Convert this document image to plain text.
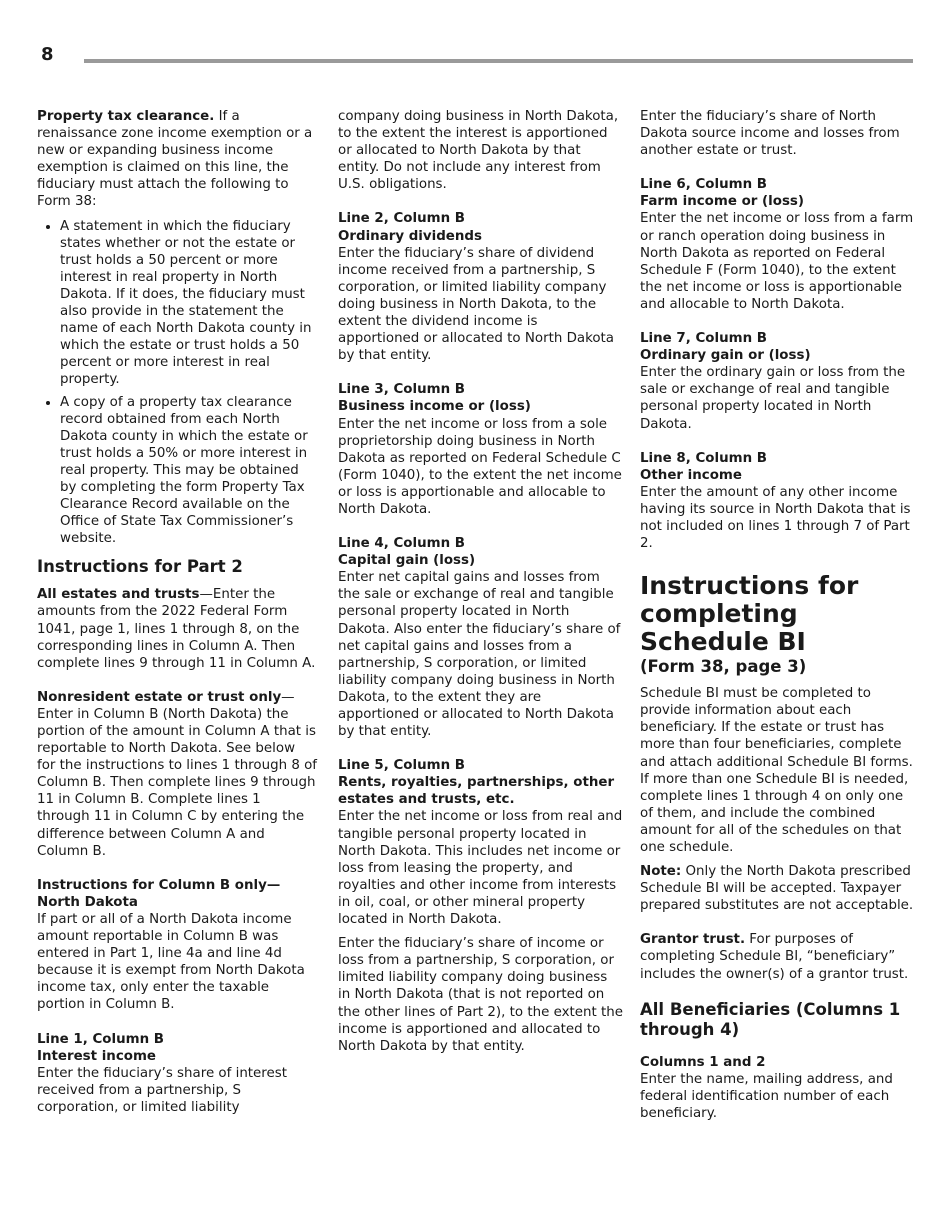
8

Property tax clearance. If a renaissance zone income exemption or a new or expanding business income exemption is claimed on this line, the fiduciary must attach the following to Form 38:

• A statement in which the fiduciary states whether or not the estate or trust holds a 50 percent or more interest in real property in North Dakota. If it does, the fiduciary must also provide in the statement the name of each North Dakota county in which the estate or trust holds a 50 percent or more interest in real property.
• A copy of a property tax clearance record obtained from each North Dakota county in which the estate or trust holds a 50% or more interest in real property. This may be obtained by completing the form Property Tax Clearance Record available on the Office of State Tax Commissioner’s website.
Instructions for Part 2

All estates and trusts—Enter the amounts from the 2022 Federal Form 1041, page 1, lines 1 through 8, on the corresponding lines in Column A. Then complete lines 9 through 11 in Column A.

Nonresident estate or trust only— Enter in Column B (North Dakota) the portion of the amount in Column A that is reportable to North Dakota. See below for the instructions to lines 1 through 8 of Column B. Then complete lines 9 through 11 in Column B. Complete lines 1 through 11 in Column C by entering the difference between Column A and Column B.

Instructions for Column B only—North Dakota
If part or all of a North Dakota income amount reportable in Column B was entered in Part 1, line 4a and line 4d because it is exempt from North Dakota income tax, only enter the taxable portion in Column B.
Line 1, Column B
Interest income
Enter the fiduciary’s share of interest received from a partnership, S corporation, or limited liability

company doing business in North Dakota, to the extent the interest is apportioned or allocated to North Dakota by that entity. Do not include any interest from U.S. obligations.

Line 2, Column B
Ordinary dividends
Enter the fiduciary’s share of dividend income received from a partnership, S corporation, or limited liability company doing business in North Dakota, to the extent the dividend income is apportioned or allocated to North Dakota by that entity.
Line 3, Column B
Business income or (loss)
Enter the net income or loss from a sole proprietorship doing business in North Dakota as reported on Federal Schedule C (Form 1040), to the extent the net income or loss is apportionable and allocable to North Dakota.
Line 4, Column B
Capital gain (loss)
Enter net capital gains and losses from the sale or exchange of real and tangible personal property located in North Dakota. Also enter the fiduciary’s share of net capital gains and losses from a partnership, S corporation, or limited liability company doing business in North Dakota, to the extent they are apportioned or allocated to North Dakota by that entity.
Line 5, Column B
Rents, royalties, partnerships, other estates and trusts, etc.
Enter the net income or loss from real and tangible personal property located in North Dakota. This includes net income or loss from leasing the property, and royalties and other income from interests in oil, coal, or other mineral property located in North Dakota.

Enter the fiduciary’s share of income or loss from a partnership, S corporation, or limited liability company doing business in North Dakota (that is not reported on the other lines of Part 2), to the extent the income is apportioned and allocated to North Dakota by that entity.

Enter the fiduciary’s share of North Dakota source income and losses from another estate or trust.

Line 6, Column B
Farm income or (loss)
Enter the net income or loss from a farm or ranch operation doing business in North Dakota as reported on Federal Schedule F (Form 1040), to the extent the net income or loss is apportionable and allocable to North Dakota.
Line 7, Column B
Ordinary gain or (loss)
Enter the ordinary gain or loss from the sale or exchange of real and tangible personal property located in North Dakota.
Line 8, Column B
Other income
Enter the amount of any other income having its source in North Dakota that is not included on lines 1 through 7 of Part 2.
Instructions for completing Schedule BI
(Form 38, page 3)

Schedule BI must be completed to provide information about each beneficiary. If the estate or trust has more than four beneficiaries, complete and attach additional Schedule BI forms. If more than one Schedule BI is needed, complete lines 1 through 4 on only one of them, and include the combined amount for all of the schedules on that one schedule.

Note: Only the North Dakota prescribed Schedule BI will be accepted. Taxpayer prepared substitutes are not acceptable.

Grantor trust. For purposes of completing Schedule BI, “beneficiary” includes the owner(s) of a grantor trust.

All Beneficiaries (Columns 1 through 4)
Columns 1 and 2
Enter the name, mailing address, and federal identification number of each beneficiary.
